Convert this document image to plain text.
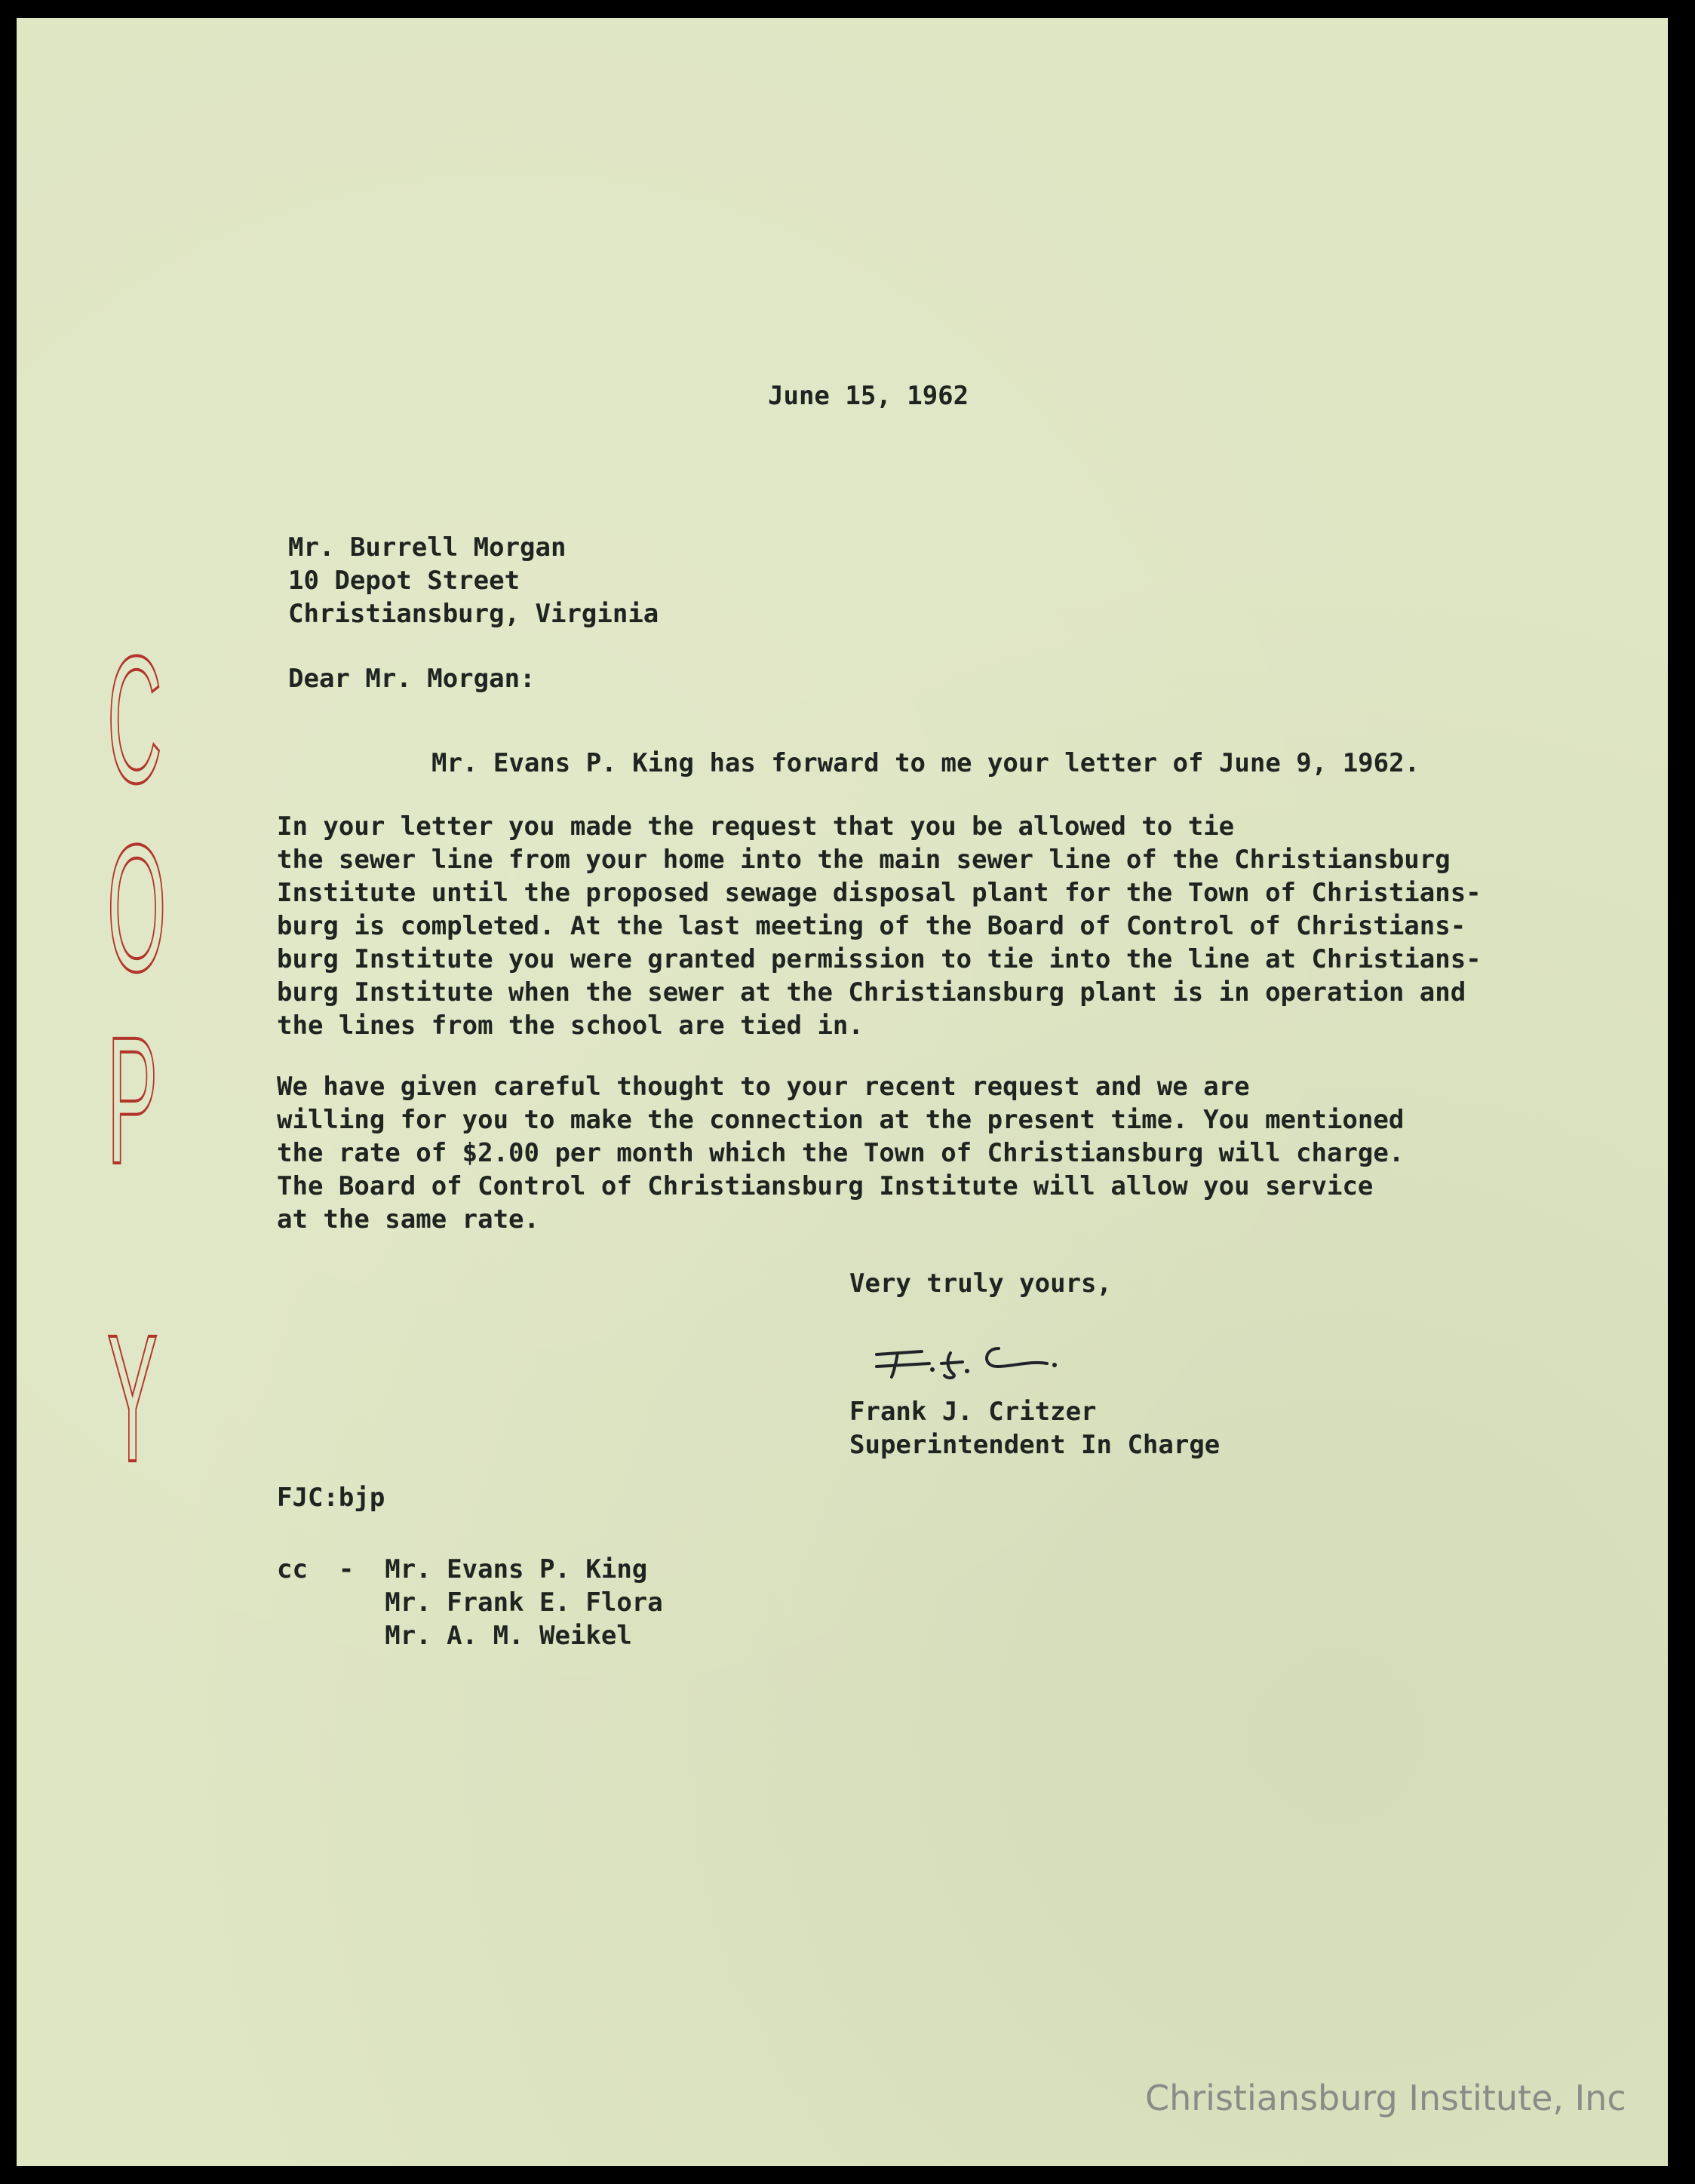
C
O
P
Y

June 15, 1962

Mr. Burrell Morgan
10 Depot Street
Christiansburg, Virginia

Dear Mr. Morgan:

Mr. Evans P. King has forward to me your letter of June 9, 1962.

In your letter you made the request that you be allowed to tie
the sewer line from your home into the main sewer line of the Christiansburg
Institute until the proposed sewage disposal plant for the Town of Christians-
burg is completed. At the last meeting of the Board of Control of Christians-
burg Institute you were granted permission to tie into the line at Christians-
burg Institute when the sewer at the Christiansburg plant is in operation and
the lines from the school are tied in.

We have given careful thought to your recent request and we are
willing for you to make the connection at the present time. You mentioned
the rate of $2.00 per month which the Town of Christiansburg will charge.
The Board of Control of Christiansburg Institute will allow you service
at the same rate.

Very truly yours,

Frank J. Critzer

Superintendent In Charge

FJC:bjp

cc  -  Mr. Evans P. King
Mr. Frank E. Flora
Mr. A. M. Weikel

Christiansburg Institute, Inc
